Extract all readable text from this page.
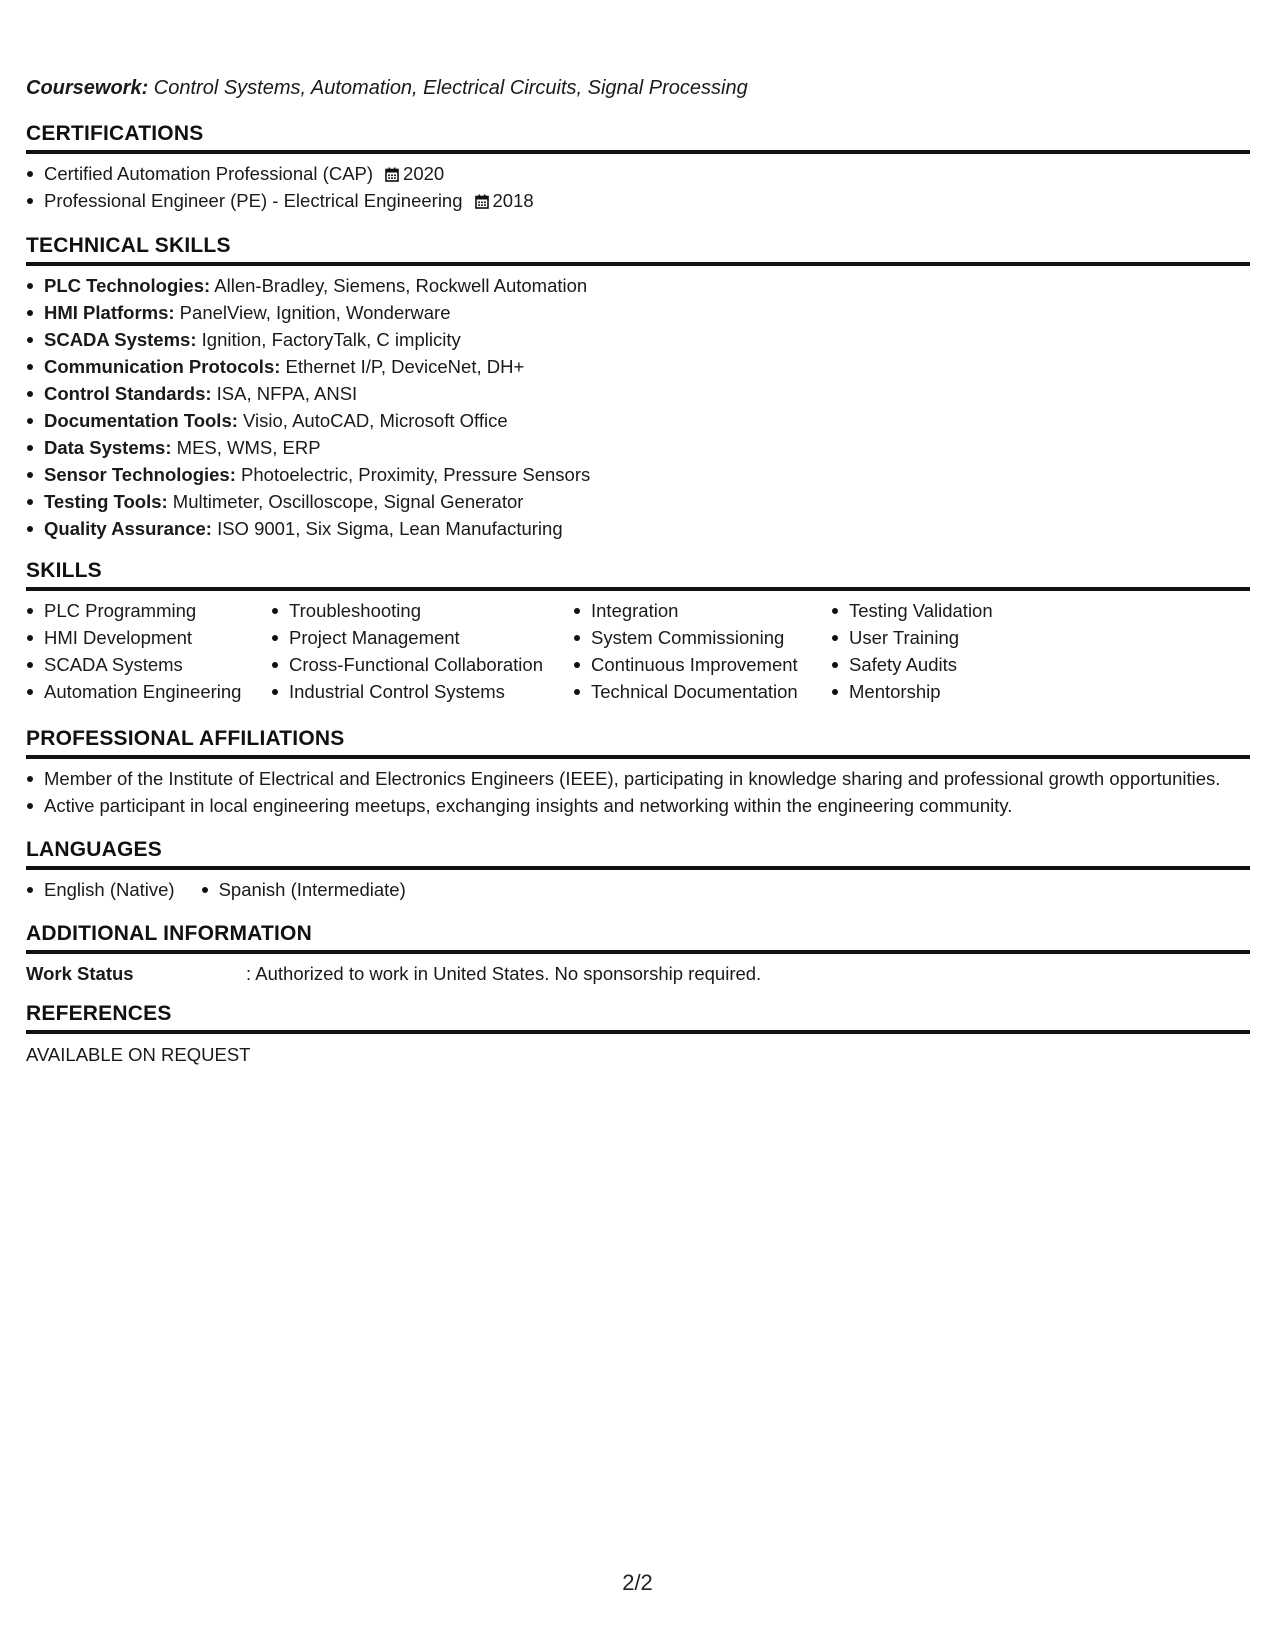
Coursework: Control Systems, Automation, Electrical Circuits, Signal Processing
CERTIFICATIONS
Certified Automation Professional (CAP) 2020
Professional Engineer (PE) - Electrical Engineering 2018
TECHNICAL SKILLS
PLC Technologies: Allen-Bradley, Siemens, Rockwell Automation
HMI Platforms: PanelView, Ignition, Wonderware
SCADA Systems: Ignition, FactoryTalk, C implicity
Communication Protocols: Ethernet I/P, DeviceNet, DH+
Control Standards: ISA, NFPA, ANSI
Documentation Tools: Visio, AutoCAD, Microsoft Office
Data Systems: MES, WMS, ERP
Sensor Technologies: Photoelectric, Proximity, Pressure Sensors
Testing Tools: Multimeter, Oscilloscope, Signal Generator
Quality Assurance: ISO 9001, Six Sigma, Lean Manufacturing
SKILLS
PLC Programming
HMI Development
SCADA Systems
Automation Engineering
Troubleshooting
Project Management
Cross-Functional Collaboration
Industrial Control Systems
Integration
System Commissioning
Continuous Improvement
Technical Documentation
Testing Validation
User Training
Safety Audits
Mentorship
PROFESSIONAL AFFILIATIONS
Member of the Institute of Electrical and Electronics Engineers (IEEE), participating in knowledge sharing and professional growth opportunities.
Active participant in local engineering meetups, exchanging insights and networking within the engineering community.
LANGUAGES
English (Native)	Spanish (Intermediate)
ADDITIONAL INFORMATION
Work Status	: Authorized to work in United States. No sponsorship required.
REFERENCES
AVAILABLE ON REQUEST
2/2
